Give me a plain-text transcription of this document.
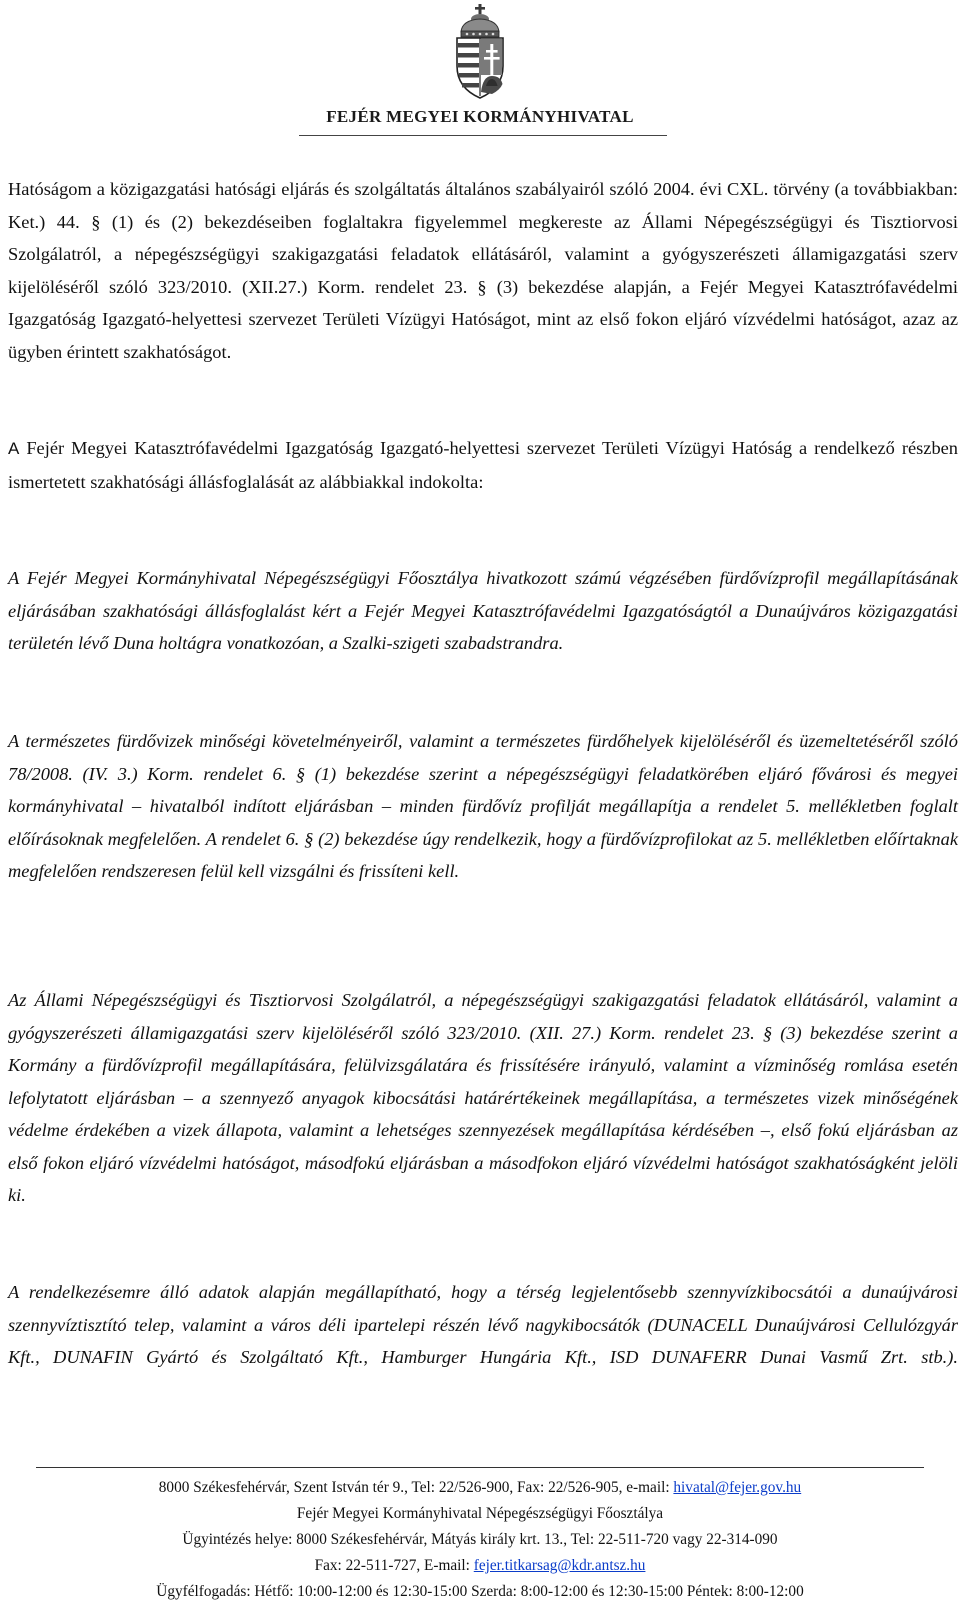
FEJÉR MEGYEI KORMÁNYHIVATAL

Hatóságom a közigazgatási hatósági eljárás és szolgáltatás általános szabályairól szóló 2004. évi CXL. törvény (a továbbiakban: Ket.) 44. § (1) és (2) bekezdéseiben foglaltakra figyelemmel megkereste az Állami Népegészségügyi és Tisztiorvosi Szolgálatról, a népegészségügyi szakigazgatási feladatok ellátásáról, valamint a gyógyszerészeti államigazgatási szerv kijelöléséről szóló 323/2010. (XII.27.) Korm. rendelet 23. § (3) bekezdése alapján, a Fejér Megyei Katasztrófavédelmi Igazgatóság Igazgató-helyettesi szervezet Területi Vízügyi Hatóságot, mint az első fokon eljáró vízvédelmi hatóságot, azaz az ügyben érintett szakhatóságot.

A Fejér Megyei Katasztrófavédelmi Igazgatóság Igazgató-helyettesi szervezet Területi Vízügyi Hatóság a rendelkező részben ismertetett szakhatósági állásfoglalását az alábbiakkal indokolta:

A Fejér Megyei Kormányhivatal Népegészségügyi Főosztálya hivatkozott számú végzésében fürdővízprofil megállapításának eljárásában szakhatósági állásfoglalást kért a Fejér Megyei Katasztrófavédelmi Igazgatóságtól a Dunaújváros közigazgatási területén lévő Duna holtágra vonatkozóan, a Szalki-szigeti szabadstrandra.

A természetes fürdővizek minőségi követelményeiről, valamint a természetes fürdőhelyek kijelöléséről és üzemeltetéséről szóló 78/2008. (IV. 3.) Korm. rendelet 6. § (1) bekezdése szerint a népegészségügyi feladatkörében eljáró fővárosi és megyei kormányhivatal – hivatalból indított eljárásban – minden fürdővíz profilját megállapítja a rendelet 5. mellékletben foglalt előírásoknak megfelelően. A rendelet 6. § (2) bekezdése úgy rendelkezik, hogy a fürdővízprofilokat az 5. mellékletben előírtaknak megfelelően rendszeresen felül kell vizsgálni és frissíteni kell.

Az Állami Népegészségügyi és Tisztiorvosi Szolgálatról, a népegészségügyi szakigazgatási feladatok ellátásáról, valamint a gyógyszerészeti államigazgatási szerv kijelöléséről szóló 323/2010. (XII. 27.) Korm. rendelet 23. § (3) bekezdése szerint a Kormány a fürdővízprofil megállapítására, felülvizsgálatára és frissítésére irányuló, valamint a vízminőség romlása esetén lefolytatott eljárásban – a szennyező anyagok kibocsátási határértékeinek megállapítása, a természetes vizek minőségének védelme érdekében a vizek állapota, valamint a lehetséges szennyezések megállapítása kérdésében –, első fokú eljárásban az első fokon eljáró vízvédelmi hatóságot, másodfokú eljárásban a másodfokon eljáró vízvédelmi hatóságot szakhatóságként jelöli ki.

A rendelkezésemre álló adatok alapján megállapítható, hogy a térség legjelentősebb szennyvízkibocsátói a dunaújvárosi szennyvíztisztító telep, valamint a város déli ipartelepi részén lévő nagykibocsátók (DUNACELL Dunaújvárosi Cellulózgyár Kft., DUNAFIN Gyártó és Szolgáltató Kft., Hamburger Hungária Kft., ISD DUNAFERR Dunai Vasmű Zrt. stb.).

8000 Székesfehérvár, Szent István tér 9., Tel: 22/526-900, Fax: 22/526-905, e-mail: hivatal@fejer.gov.hu
Fejér Megyei Kormányhivatal Népegészségügyi Főosztálya
Ügyintézés helye: 8000 Székesfehérvár, Mátyás király krt. 13., Tel: 22-511-720 vagy 22-314-090
Fax: 22-511-727, E-mail: fejer.titkarsag@kdr.antsz.hu
Ügyfélfogadás: Hétfő: 10:00-12:00 és 12:30-15:00 Szerda: 8:00-12:00 és 12:30-15:00 Péntek: 8:00-12:00
